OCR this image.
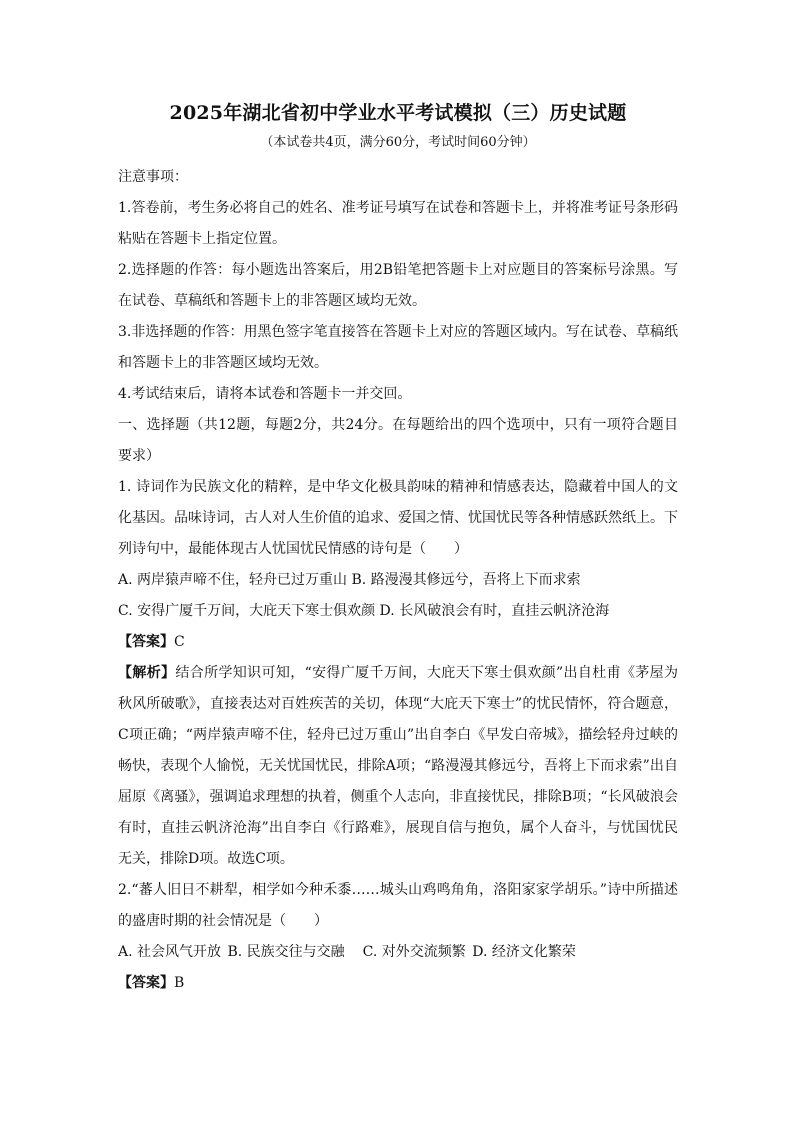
2025年湖北省初中学业水平考试模拟（三）历史试题
（本试卷共4页，满分60分，考试时间60分钟）

注意事项：

1.答卷前，考生务必将自己的姓名、准考证号填写在试卷和答题卡上，并将准考证号条形码粘贴在答题卡上指定位置。

2.选择题的作答：每小题选出答案后，用2B铅笔把答题卡上对应题目的答案标号涂黑。写在试卷、草稿纸和答题卡上的非答题区域均无效。

3.非选择题的作答：用黑色签字笔直接答在答题卡上对应的答题区域内。写在试卷、草稿纸和答题卡上的非答题区域均无效。

4.考试结束后，请将本试卷和答题卡一并交回。

一、选择题（共12题，每题2分，共24分。在每题给出的四个选项中，只有一项符合题目要求）

1. 诗词作为民族文化的精粹，是中华文化极具韵味的精神和情感表达，隐藏着中国人的文化基因。品味诗词，古人对人生价值的追求、爱国之情、忧国忧民等各种情感跃然纸上。下列诗句中，最能体现古人忧国忧民情感的诗句是（　　）

A. 两岸猿声啼不住，轻舟已过万重山 B. 路漫漫其修远兮，吾将上下而求索

C. 安得广厦千万间，大庇天下寒士俱欢颜 D. 长风破浪会有时，直挂云帆济沧海

【答案】C

【解析】结合所学知识可知，“安得广厦千万间，大庇天下寒士俱欢颜”出自杜甫《茅屋为秋风所破歌》，直接表达对百姓疾苦的关切，体现“大庇天下寒士”的忧民情怀，符合题意，C项正确；“两岸猿声啼不住，轻舟已过万重山”出自李白《早发白帝城》，描绘轻舟过峡的畅快，表现个人愉悦，无关忧国忧民，排除A项；“路漫漫其修远兮，吾将上下而求索”出自屈原《离骚》，强调追求理想的执着，侧重个人志向，非直接忧民，排除B项；“长风破浪会有时，直挂云帆济沧海”出自李白《行路难》，展现自信与抱负，属个人奋斗，与忧国忧民无关，排除D项。故选C项。

2.“蕃人旧日不耕犁，相学如今种禾黍……城头山鸡鸣角角，洛阳家家学胡乐。”诗中所描述的盛唐时期的社会情况是（　　）

A. 社会风气开放 B. 民族交往与交融 C. 对外交流频繁 D. 经济文化繁荣

【答案】B
